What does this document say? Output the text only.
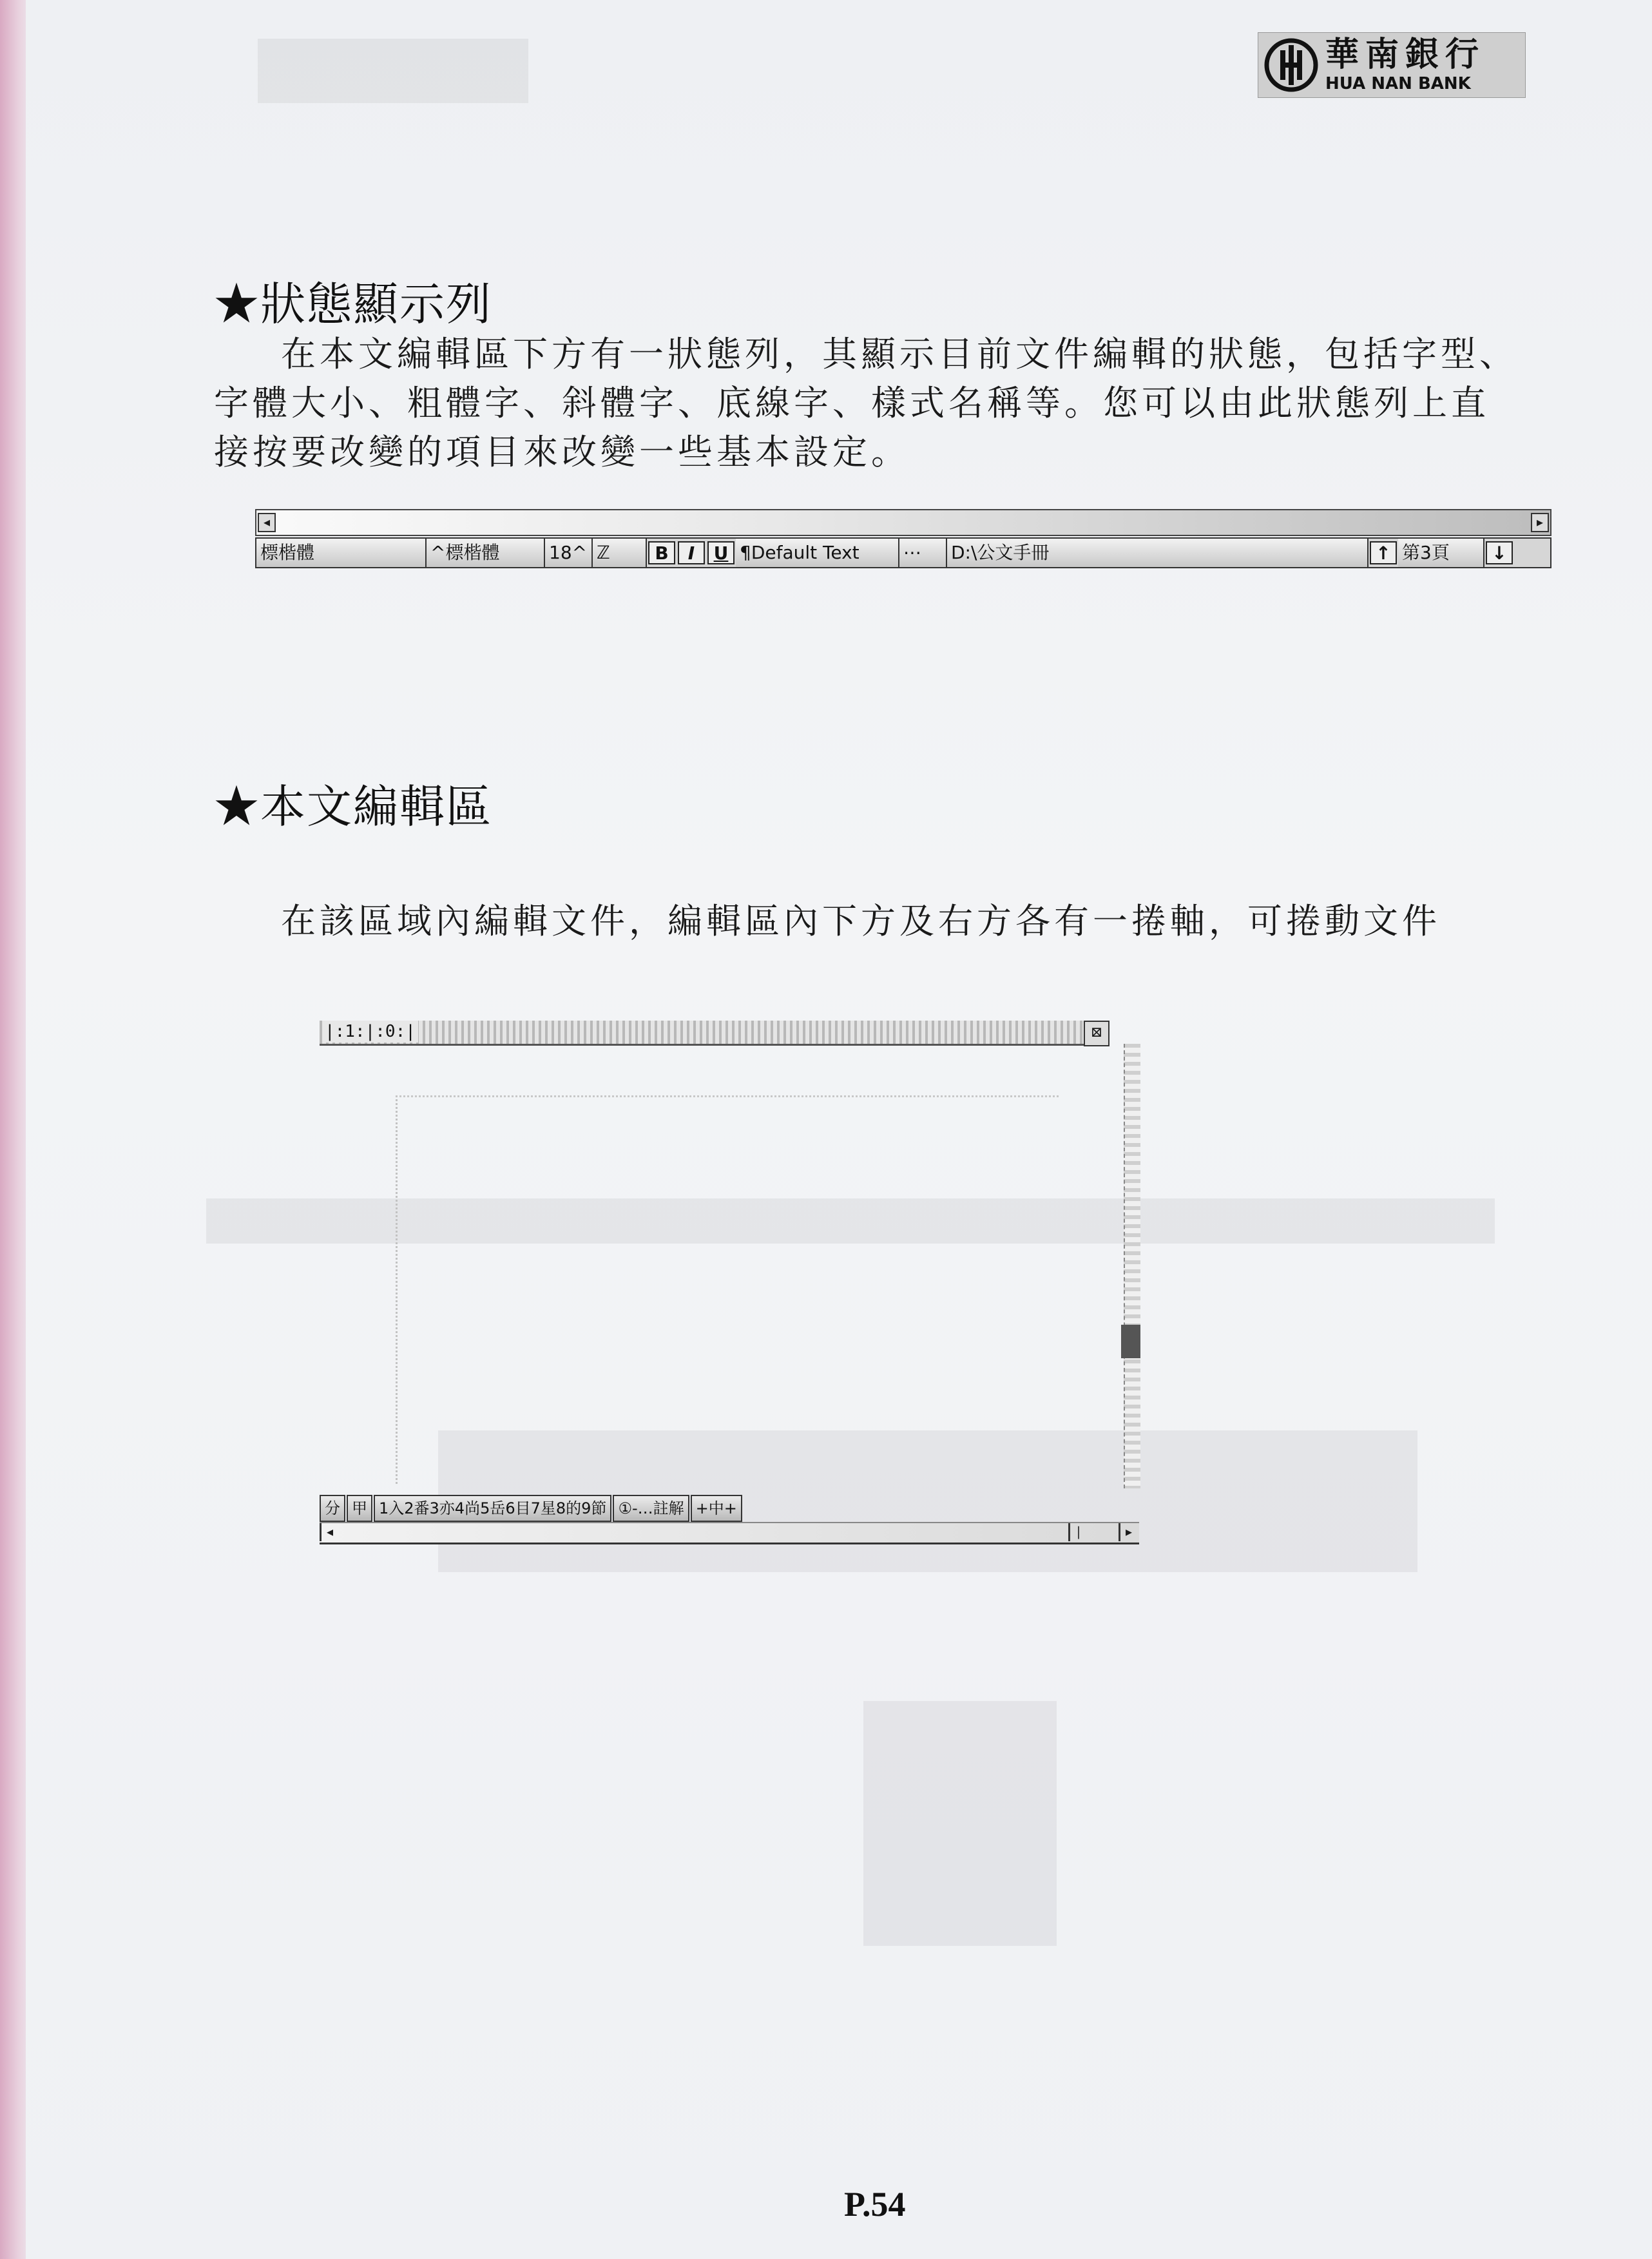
華南銀行
HUA NAN BANK
★狀態顯示列

在本文編輯區下方有一狀態列，其顯示目前文件編輯的狀態，包括字型、

字體大小、粗體字、斜體字、底線字、樣式名稱等。您可以由此狀態列上直

接按要改變的項目來改變一些基本設定。

◂	▸
標楷體	^標楷體	18^ ℤ	B	I	U ¶Default Text	⋯	D:\公文手冊	↑ 第3頁	↓
★本文編輯區

在該區域內編輯文件，編輯區內下方及右方各有一捲軸，可捲動文件

|:1:|:0:|	⊠
分 甲 1入2番3亦4尚5岳6目7星8的9節 ①-…註解 +中+
◂	|	▸
P.54
